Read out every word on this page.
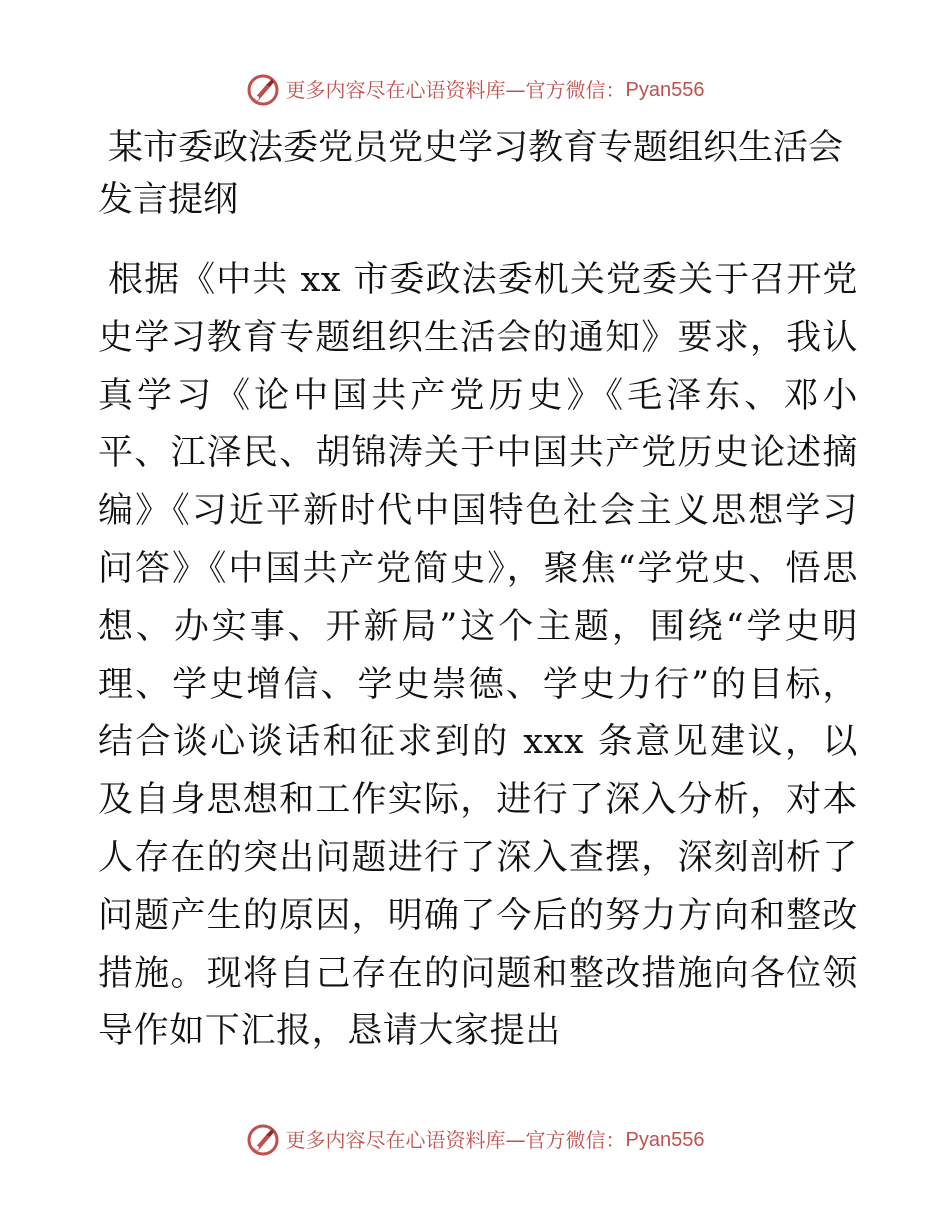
更多内容尽在心语资料库 — 官方微信： Pyan556
某市委政法委党员党史学习教育专题组织生活会发言提纲

根据《中共 xx 市委政法委机关党委关于召开党史学习教育专题组织生活会的通知》要求，我认真学习《论中国共产党历史》《毛泽东、邓小平、江泽民、胡锦涛关于中国共产党历史论述摘编》《习近平新时代中国特色社会主义思想学习问答》《中国共产党简史》，聚焦“学党史、悟思想、办实事、开新局”这个主题，围绕“学史明理、学史增信、学史崇德、学史力行”的目标，结合谈心谈话和征求到的 xxx 条意见建议，以及自身思想和工作实际，进行了深入分析，对本人存在的突出问题进行了深入查摆，深刻剖析了问题产生的原因，明确了今后的努力方向和整改措施。现将自己存在的问题和整改措施向各位领导作如下汇报，恳请大家提出

更多内容尽在心语资料库 — 官方微信： Pyan556
